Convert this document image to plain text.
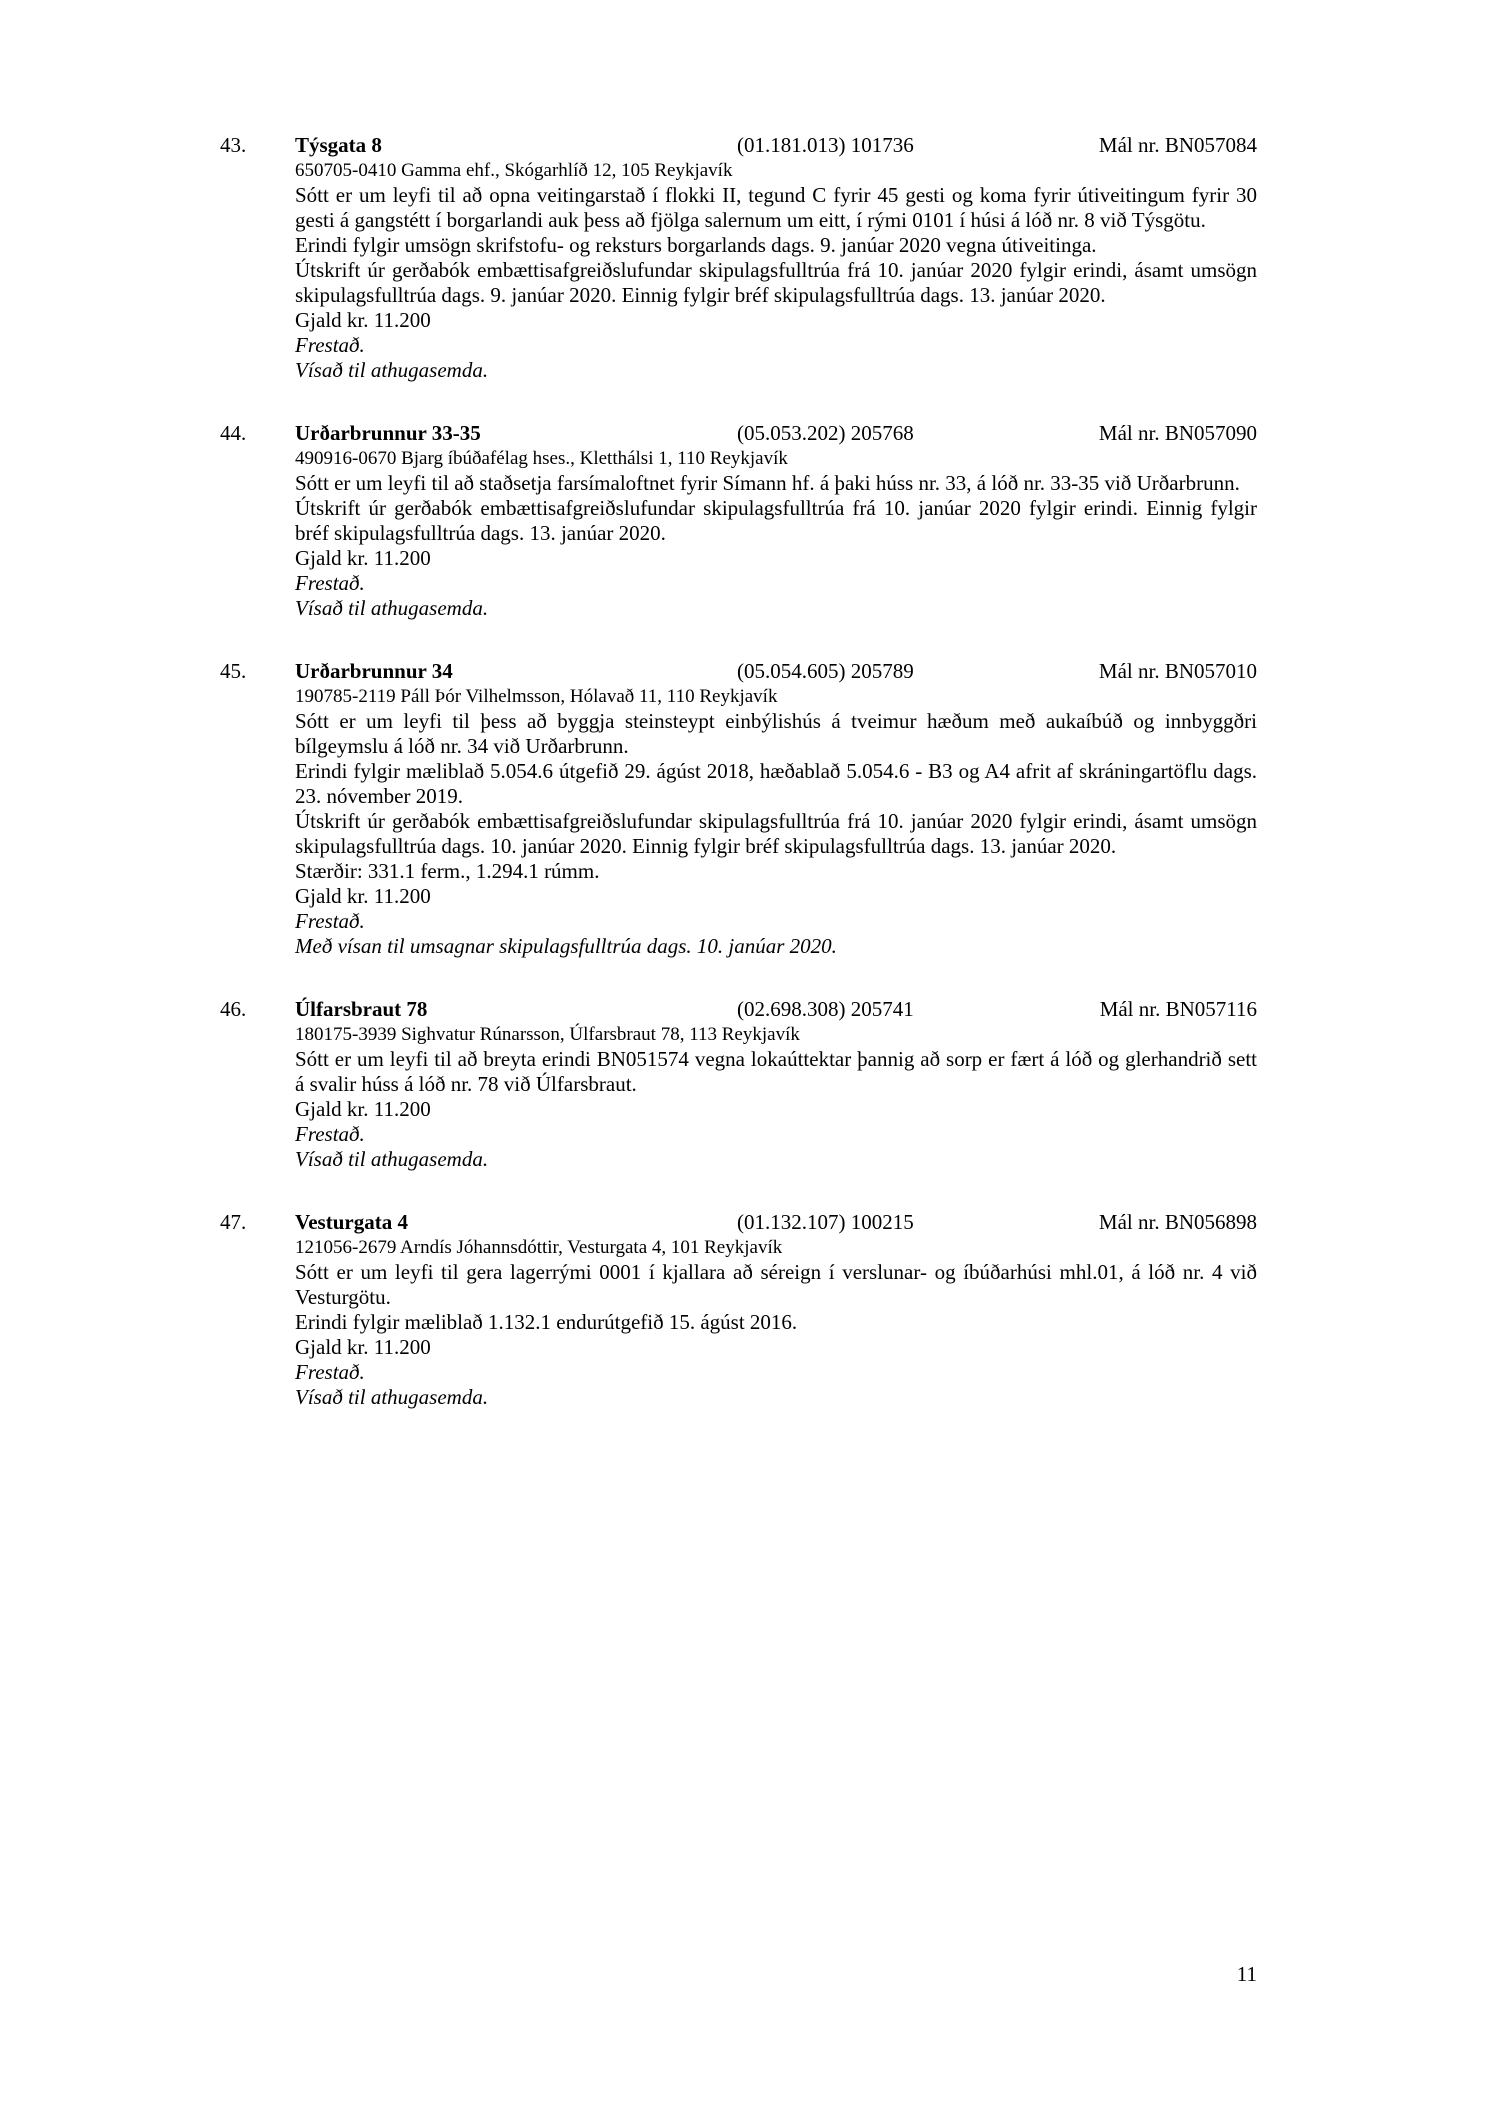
43.	Týsgata 8	(01.181.013) 101736	Mál nr. BN057084
650705-0410 Gamma ehf., Skógarhlíð 12, 105 Reykjavík

Sótt er um leyfi til að opna veitingarstað í flokki II, tegund C fyrir 45 gesti og koma fyrir útiveitingum fyrir 30 gesti á gangstétt í borgarlandi auk þess að fjölga salernum um eitt, í rými 0101 í húsi á lóð nr. 8 við Týsgötu.

Erindi fylgir umsögn skrifstofu- og reksturs borgarlands dags. 9. janúar 2020 vegna útiveitinga.

Útskrift úr gerðabók embættisafgreiðslufundar skipulagsfulltrúa frá 10. janúar 2020 fylgir erindi, ásamt umsögn skipulagsfulltrúa dags. 9. janúar 2020. Einnig fylgir bréf skipulagsfulltrúa dags. 13. janúar 2020.

Gjald kr. 11.200

Frestað.

Vísað til athugasemda.

44.	Urðarbrunnur 33-35	(05.053.202) 205768	Mál nr. BN057090
490916-0670 Bjarg íbúðafélag hses., Kletthálsi 1, 110 Reykjavík

Sótt er um leyfi til að staðsetja farsímaloftnet fyrir Símann hf. á þaki húss nr. 33, á lóð nr. 33-35 við Urðarbrunn.

Útskrift úr gerðabók embættisafgreiðslufundar skipulagsfulltrúa frá 10. janúar 2020 fylgir erindi. Einnig fylgir bréf skipulagsfulltrúa dags. 13. janúar 2020.

Gjald kr. 11.200

Frestað.

Vísað til athugasemda.

45.	Urðarbrunnur 34	(05.054.605) 205789	Mál nr. BN057010
190785-2119 Páll Þór Vilhelmsson, Hólavað 11, 110 Reykjavík

Sótt er um leyfi til þess að byggja steinsteypt einbýlishús á tveimur hæðum með aukaíbúð og innbyggðri bílgeymslu á lóð nr. 34 við Urðarbrunn.

Erindi fylgir mæliblað 5.054.6 útgefið 29. ágúst 2018, hæðablað 5.054.6 - B3 og A4 afrit af skráningartöflu dags. 23. nóvember 2019.

Útskrift úr gerðabók embættisafgreiðslufundar skipulagsfulltrúa frá 10. janúar 2020 fylgir erindi, ásamt umsögn skipulagsfulltrúa dags. 10. janúar 2020. Einnig fylgir bréf skipulagsfulltrúa dags. 13. janúar 2020.

Stærðir: 331.1 ferm., 1.294.1 rúmm.

Gjald kr. 11.200

Frestað.

Með vísan til umsagnar skipulagsfulltrúa dags. 10. janúar 2020.

46.	Úlfarsbraut 78	(02.698.308) 205741	Mál nr. BN057116
180175-3939 Sighvatur Rúnarsson, Úlfarsbraut 78, 113 Reykjavík

Sótt er um leyfi til að breyta erindi BN051574 vegna lokaúttektar þannig að sorp er fært á lóð og glerhandrið sett á svalir húss á lóð nr. 78 við Úlfarsbraut.

Gjald kr. 11.200

Frestað.

Vísað til athugasemda.

47.	Vesturgata 4	(01.132.107) 100215	Mál nr. BN056898
121056-2679 Arndís Jóhannsdóttir, Vesturgata 4, 101 Reykjavík

Sótt er um leyfi til gera lagerrými 0001 í kjallara að séreign í verslunar- og íbúðarhúsi mhl.01, á lóð nr. 4 við Vesturgötu.

Erindi fylgir mæliblað 1.132.1 endurútgefið 15. ágúst 2016.

Gjald kr. 11.200

Frestað.

Vísað til athugasemda.

11
